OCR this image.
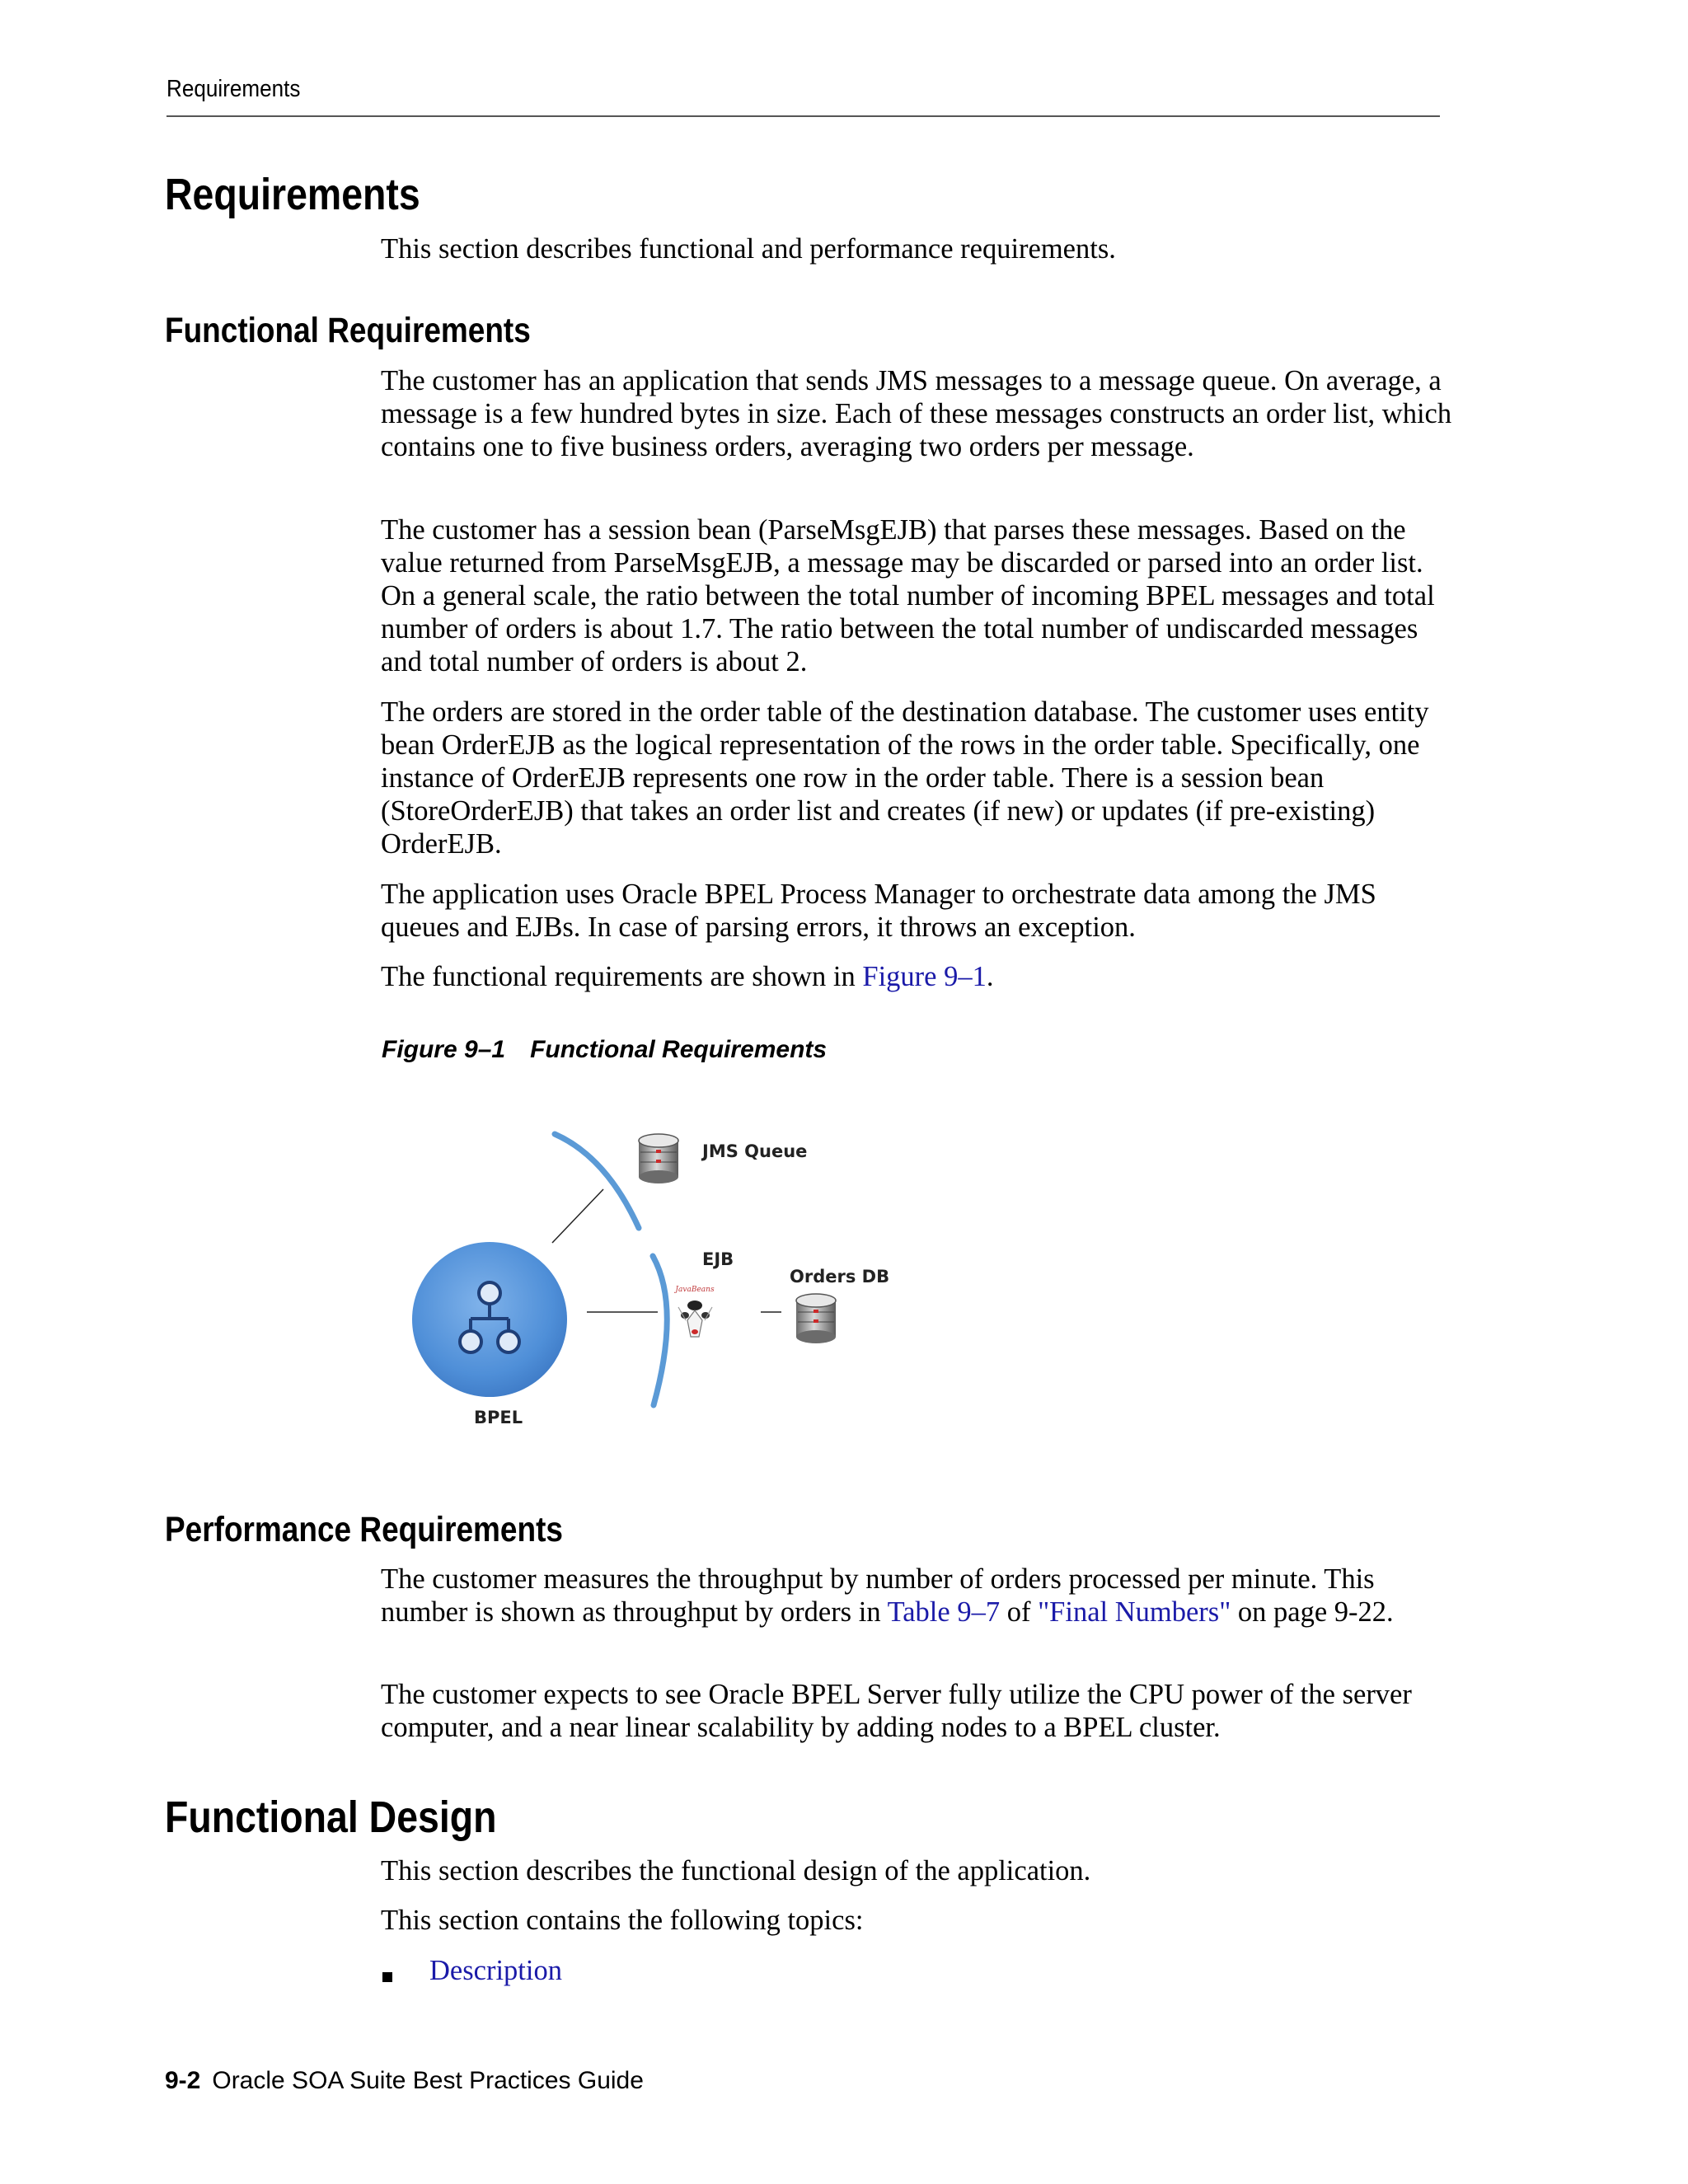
Requirements
Requirements

This section describes functional and performance requirements.

Functional Requirements

The customer has an application that sends JMS messages to a message queue. On average, a message is a few hundred bytes in size. Each of these messages constructs an order list, which contains one to five business orders, averaging two orders per message.

The customer has a session bean (ParseMsgEJB) that parses these messages. Based on the value returned from ParseMsgEJB, a message may be discarded or parsed into an order list. On a general scale, the ratio between the total number of incoming BPEL messages and total number of orders is about 1.7. The ratio between the total number of undiscarded messages and total number of orders is about 2.

The orders are stored in the order table of the destination database. The customer uses entity bean OrderEJB as the logical representation of the rows in the order table. Specifically, one instance of OrderEJB represents one row in the order table. There is a session bean (StoreOrderEJB) that takes an order list and creates (if new) or updates (if pre-existing) OrderEJB.

The application uses Oracle BPEL Process Manager to orchestrate data among the JMS queues and EJBs. In case of parsing errors, it throws an exception.

The functional requirements are shown in Figure 9–1.

Figure 9–1 Functional Requirements
JavaBeans
JMS Queue
EJB
Orders DB
BPEL
Performance Requirements

The customer measures the throughput by number of orders processed per minute. This number is shown as throughput by orders in Table 9–7 of "Final Numbers" on page 9-22.

The customer expects to see Oracle BPEL Server fully utilize the CPU power of the server computer, and a near linear scalability by adding nodes to a BPEL cluster.

Functional Design

This section describes the functional design of the application.

This section contains the following topics:

Description

9-2 Oracle SOA Suite Best Practices Guide
